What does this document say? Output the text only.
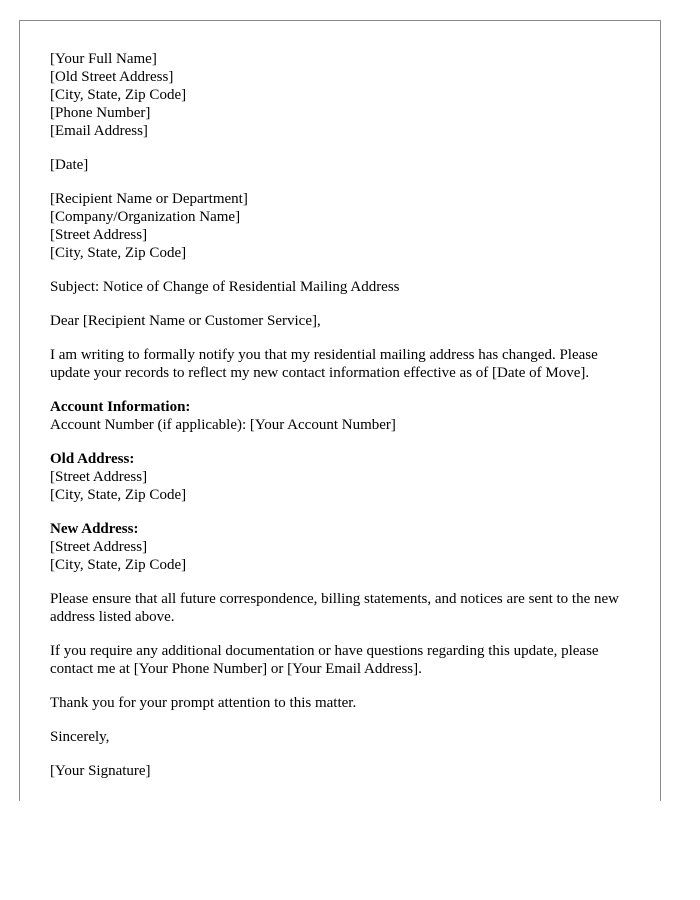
[Your Full Name]
[Old Street Address]
[City, State, Zip Code]
[Phone Number]
[Email Address]
[Date]
[Recipient Name or Department]
[Company/Organization Name]
[Street Address]
[City, State, Zip Code]
Subject: Notice of Change of Residential Mailing Address
Dear [Recipient Name or Customer Service],

I am writing to formally notify you that my residential mailing address has changed. Please update your records to reflect my new contact information effective as of [Date of Move].

Account Information:
Account Number (if applicable): [Your Account Number]
Old Address:
[Street Address]
[City, State, Zip Code]
New Address:
[Street Address]
[City, State, Zip Code]

Please ensure that all future correspondence, billing statements, and notices are sent to the new address listed above.

If you require any additional documentation or have questions regarding this update, please contact me at [Your Phone Number] or [Your Email Address].

Thank you for your prompt attention to this matter.
Sincerely,
[Your Signature]
